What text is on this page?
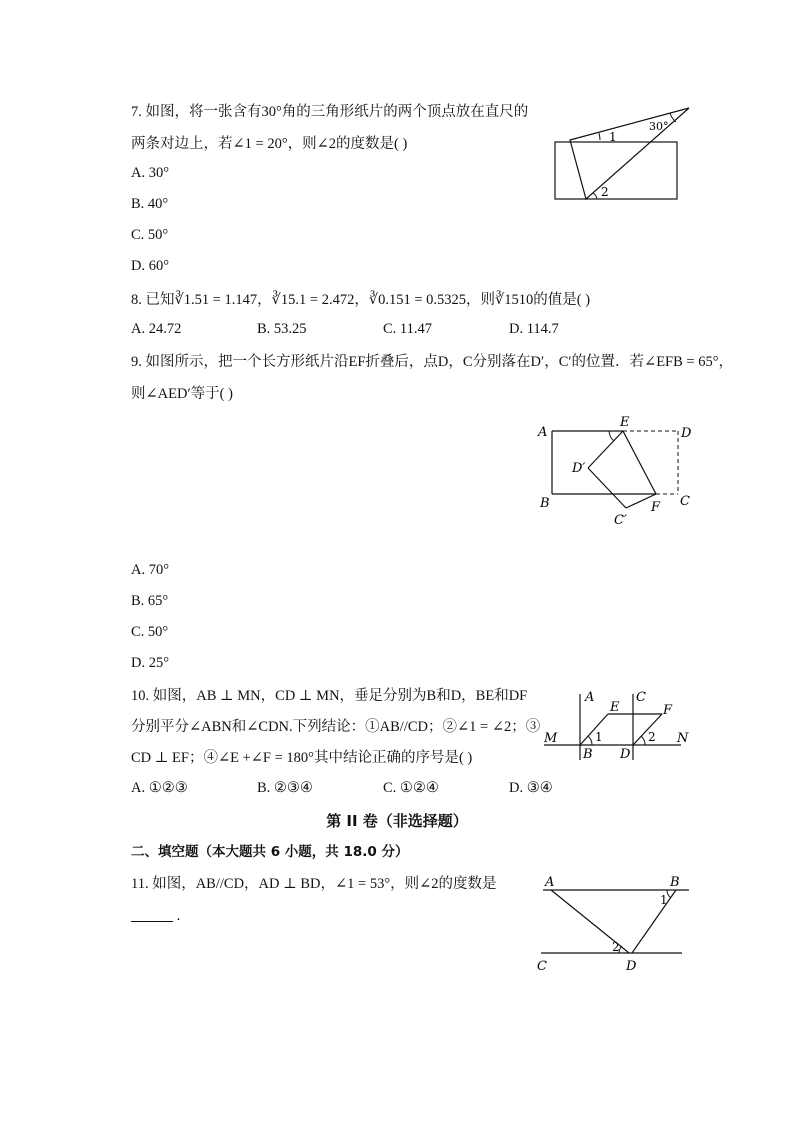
7. 如图，将一张含有30°角的三角形纸片的两个顶点放在直尺的
两条对边上，若∠1 = 20°，则∠2的度数是( )
A. 30°
B. 40°
C. 50°
D. 60°
1
30°
2
8. 已知∛1.51 = 1.147，∛15.1 = 2.472，∛0.151 = 0.5325，则∛1510的值是( )
A. 24.72	B. 53.25	C. 11.47	D. 114.7
9. 如图所示，把一个长方形纸片沿EF折叠后，点D，C分别落在D′，C′的位置．若∠EFB = 65°，
则∠AED′等于( )
A
E
D
D′
B
C′
F C
A. 70°
B. 65°
C. 50°
D. 25°
10. 如图，AB ⊥ MN，CD ⊥ MN，垂足分别为B和D，BE和DF
分别平分∠ABN和∠CDN.下列结论：①AB//CD；②∠1 = ∠2；③
CD ⊥ EF；④∠E +∠F = 180°其中结论正确的序号是( )
A. ①②③	B. ②③④	C. ①②④	D. ③④
A	C
E	F
M	N
B D
1	2
第 II 卷（非选择题）
二、填空题（本大题共 6 小题，共 18.0 分）
11. 如图，AB//CD，AD ⊥ BD，∠1 = 53°，则∠2的度数是
.
A	B
1
2
C	D
